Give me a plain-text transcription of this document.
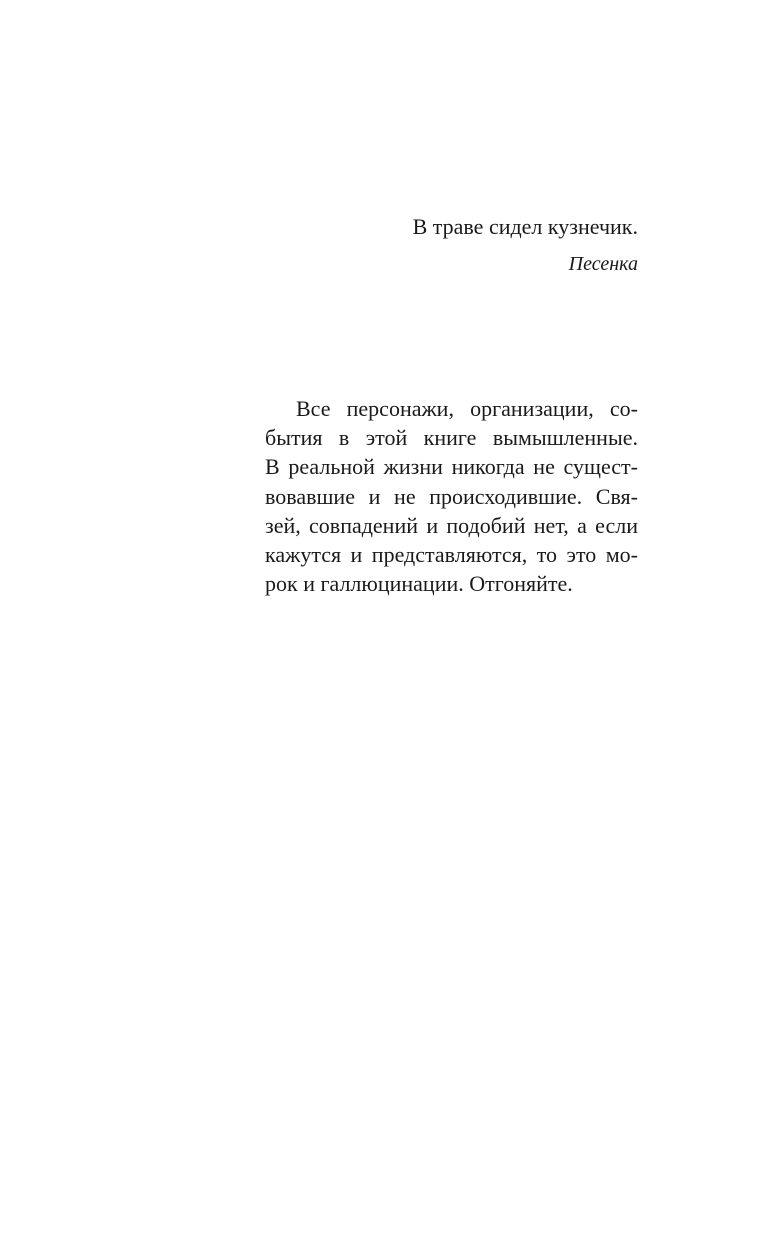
В траве сидел кузнечик.

Песенка

Все персонажи, организации, со-
бытия в этой книге вымышленные.
В реальной жизни никогда не сущест-
вовавшие и не происходившие. Свя-
зей, совпадений и подобий нет, а если
кажутся и представляются, то это мо-
рок и галлюцинации. Отгоняйте.
